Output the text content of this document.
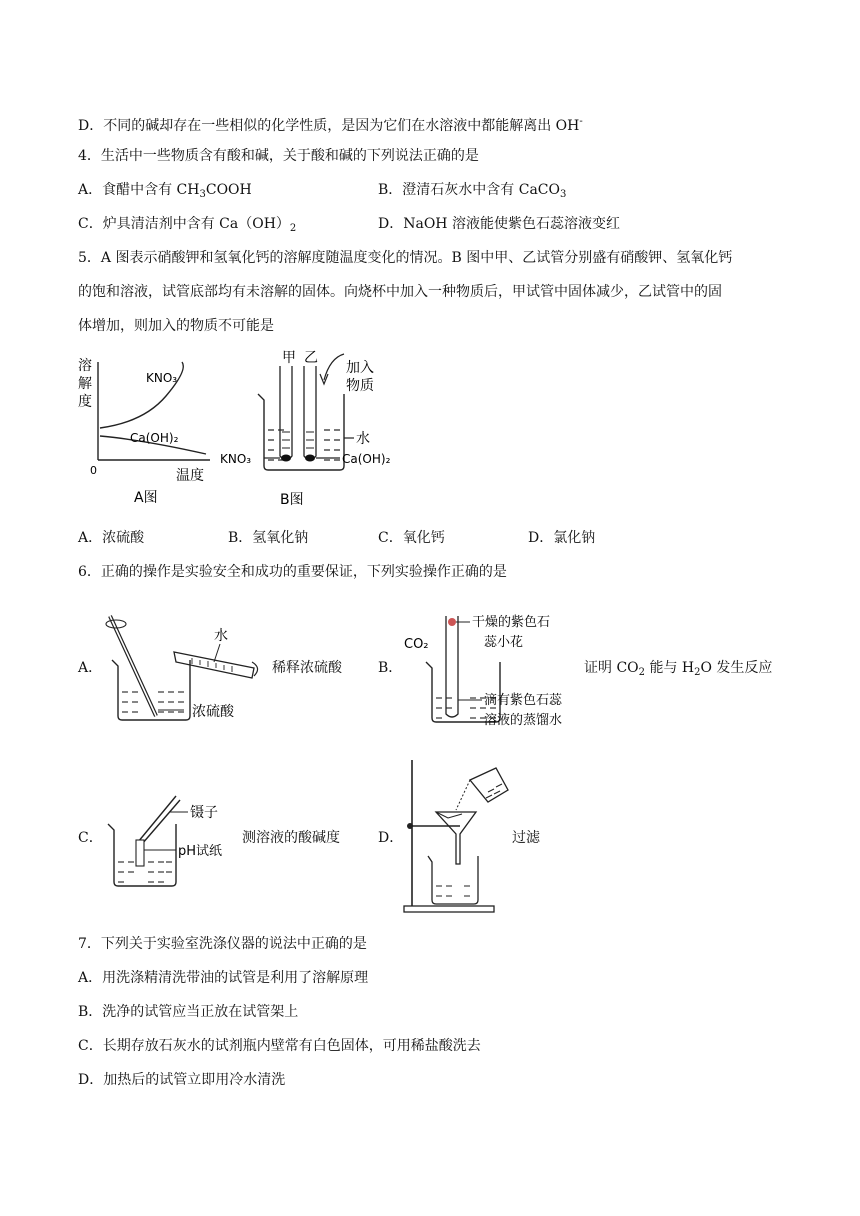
D．不同的碱却存在一些相似的化学性质，是因为它们在水溶液中都能解离出 OH-
4．生活中一些物质含有酸和碱，关于酸和碱的下列说法正确的是
A．食醋中含有 $CH_3COOH$	B．澄清石灰水中含有 CaCO$_3$
C．炉具清洁剂中含有 $Ca(OH)_2$	D．NaOH 溶液能使紫色石蕊溶液变红
5．A 图表示硝酸钾和氢氧化钙的溶解度随温度变化的情况。B 图中甲、乙试管分别盛有硝酸钾、氢氧化钙
的饱和溶液，试管底部均有未溶解的固体。向烧杯中加入一种物质后，甲试管中固体减少，乙试管中的固
体增加，则加入的物质不可能是
溶
解
度
KNO₃
Ca(OH)₂
0	温度
A图
甲 乙
加入
物质
水
KNO₃	Ca(OH)₂
B图
A．浓硫酸	B．氢氧化钠	C．氧化钙	D．氯化钠
6．正确的操作是实验安全和成功的重要保证，下列实验操作正确的是
A．
水
浓硫酸
稀释浓硫酸	B．
干燥的紫色石
蕊小花
CO₂
滴有紫色石蕊
溶液的蒸馏水
证明 $CO_2$ 能与 $H_2O$ 发生反应
C．
镊子
pH试纸
测溶液的酸碱度	D．	过滤
7．下列关于实验室洗涤仪器的说法中正确的是
A．用洗涤精清洗带油的试管是利用了溶解原理
B．洗净的试管应当正放在试管架上
C．长期存放石灰水的试剂瓶内壁常有白色固体，可用稀盐酸洗去
D．加热后的试管立即用冷水清洗
